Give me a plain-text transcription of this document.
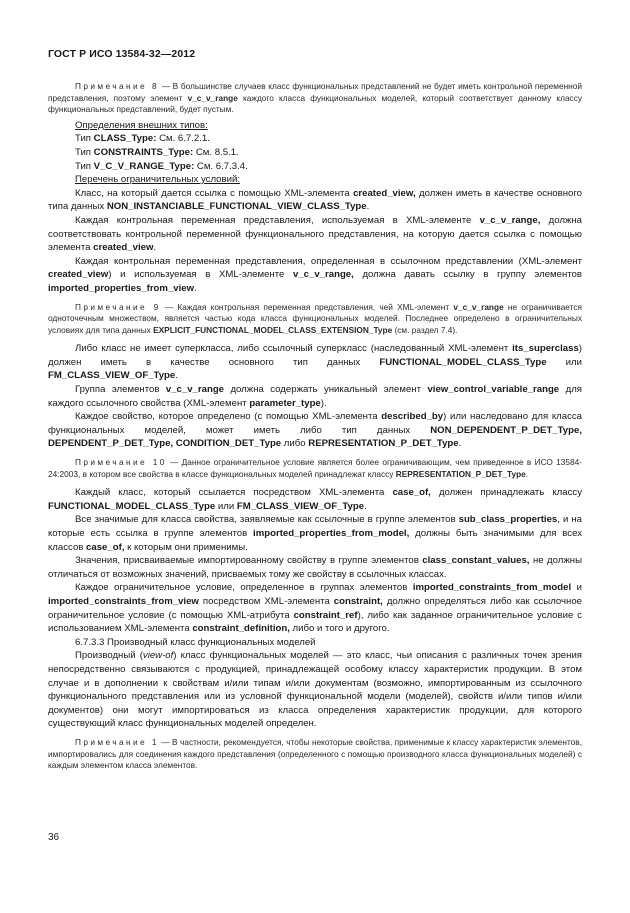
ГОСТ Р ИСО 13584-32—2012

Примечание 8 — В большинстве случаев класс функциональных представлений не будет иметь контрольной переменной представления, поэтому элемент v_c_v_range каждого класса функциональных моделей, который соответствует данному классу функциональных представлений, будет пустым.

Определения внешних типов:
Тип CLASS_Type: См. 6.7.2.1.
Тип CONSTRAINTS_Type: См. 8.5.1.
Тип V_C_V_RANGE_Type: См. 6.7.3.4.
Перечень ограничительных условий:

Класс, на который дается ссылка с помощью XML-элемента created_view, должен иметь в качестве основного типа данных NON_INSTANCIABLE_FUNCTIONAL_VIEW_CLASS_Type.

Каждая контрольная переменная представления, используемая в XML-элементе v_c_v_range, должна соответствовать контрольной переменной функционального представления, на которую дается ссылка с помощью элемента created_view.

Каждая контрольная переменная представления, определенная в ссылочном представлении (XML-элемент created_view) и используемая в XML-элементе v_c_v_range, должна давать ссылку в группу элементов imported_properties_from_view.

Примечание 9 — Каждая контрольная переменная представления, чей XML-элемент v_c_v_range не ограничивается одноточечным множеством, является частью кода класса функциональных моделей. Последнее определено в ограничительных условиях для типа данных EXPLICIT_FUNCTIONAL_MODEL_CLASS_EXTENSION_Type (см. раздел 7.4).

Либо класс не имеет суперкласса, либо ссылочный суперкласс (наследованный XML-элемент its_superclass) должен иметь в качестве основного тип данных FUNCTIONAL_MODEL_CLASS_Type или FM_CLASS_VIEW_OF_Type.

Группа элементов v_c_v_range должна содержать уникальный элемент view_control_variable_range для каждого ссылочного свойства (XML-элемент parameter_type).

Каждое свойство, которое определено (с помощью XML-элемента described_by) или наследовано для класса функциональных моделей, может иметь либо тип данных NON_DEPENDENT_P_DET_Type, DEPENDENT_P_DET_Type, CONDITION_DET_Type либо REPRESENTATION_P_DET_Type.

Примечание 10 — Данное ограничительное условие является более ограничивающим, чем приведенное в ИСО 13584-24:2003, в котором все свойства в классе функциональных моделей принадлежат классу REPRESENTATION_P_DET_Type.

Каждый класс, который ссылается посредством XML-элемента case_of, должен принадлежать классу FUNCTIONAL_MODEL_CLASS_Type или FM_CLASS_VIEW_OF_Type.

Все значимые для класса свойства, заявляемые как ссылочные в группе элементов sub_class_properties, и на которые есть ссылка в группе элементов imported_properties_from_model, должны быть значимыми для всех классов case_of, к которым они применимы.

Значения, присваиваемые импортированному свойству в группе элементов class_constant_values, не должны отличаться от возможных значений, присваемых тому же свойству в ссылочных классах.

Каждое ограничительное условие, определенное в группах элементов imported_constraints_from_model и imported_constraints_from_view посредством XML-элемента constraint, должно определяться либо как ссылочное ограничительное условие (с помощью XML-атрибута constraint_ref), либо как заданное ограничительное условие с использованием XML-элемента constraint_definition, либо и того и другого.

6.7.3.3 Производный класс функциональных моделей

Производный (view-of) класс функциональных моделей — это класс, чьи описания с различных точек зрения непосредственно связываются с продукцией, принадлежащей особому классу характеристик продукции. В этом случае и в дополнении к свойствам и/или типам и/или документам (возможно, импортированным из ссылочного функционального представления или из условной функциональной модели (моделей), свойств и/или типов и/или документов) они могут импортироваться из класса определения характеристик продукции, для которого существующий класс функциональных моделей определен.

Примечание 1 — В частности, рекомендуется, чтобы некоторые свойства, применимые к классу характеристик элементов, импортировались для соединения каждого представления (определенного с помощью производного класса функциональных моделей) с каждым элементом класса элементов.

36
